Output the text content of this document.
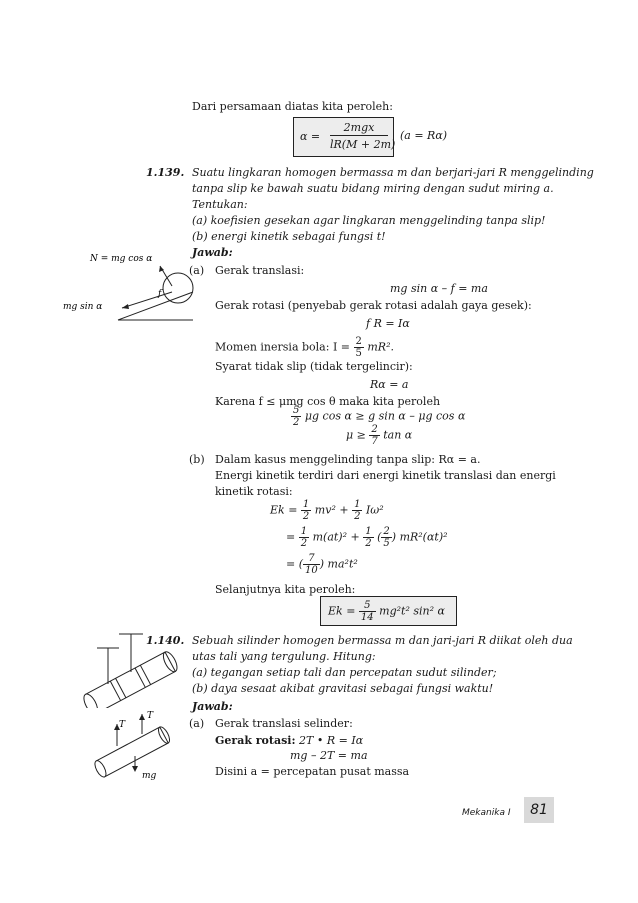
Dari persamaan diatas kita peroleh:
α =
2mgx
lR(M + 2m)
(a = Rα)
1.139. Suatu lingkaran homogen bermassa m dan berjari-jari R menggelinding
tanpa slip ke bawah suatu bidang miring dengan sudut miring a.
Tentukan:
(a) koefisien gesekan agar lingkaran menggelinding tanpa slip!
(b) energi kinetik sebagai fungsi t!
Jawab:
N = mg cos α
f
mg sin α
(a) Gerak translasi:
mg sin α – f = ma
Gerak rotasi (penyebab gerak rotasi adalah gaya gesek):
f R = Iα
Momen inersia bola: $I = \frac{2}{5} mR^2$.
Syarat tidak slip (tidak tergelincir):
Rα = a
Karena f ≤ μmg cos θ maka kita peroleh
$\frac{5}{2}$ μg cos α ≥ g sin α – μg cos α
$\mu \ge \frac{2}{7}$ tan α
(b) Dalam kasus menggelinding tanpa slip: Rα = a.
Energi kinetik terdiri dari energi kinetik translasi dan energi
kinetik rotasi:
$Ek = \frac{1}{2} mv^2 + \frac{1}{2} I\omega^2$
= $\frac{1}{2} m(at)^2 + \frac{1}{2}$ ( $\frac{2}{5}$ ) mR²(αt)²
= ( $\frac{7}{10}$ ) ma²t²
Selanjutnya kita peroleh:
$Ek = \frac{5}{14} mg^2t^2$ sin² α
1.140. Sebuah silinder homogen bermassa m dan jari-jari R diikat oleh dua
utas tali yang tergulung. Hitung:
(a) tegangan setiap tali dan percepatan sudut silinder;
(b) daya sesaat akibat gravitasi sebagai fungsi waktu!
Jawab:
T
T
mg
(a) Gerak translasi selinder:
Gerak rotasi: 2T • R = Iα
mg – 2T = ma
Disini a = percepatan pusat massa
Mekanika I	81
